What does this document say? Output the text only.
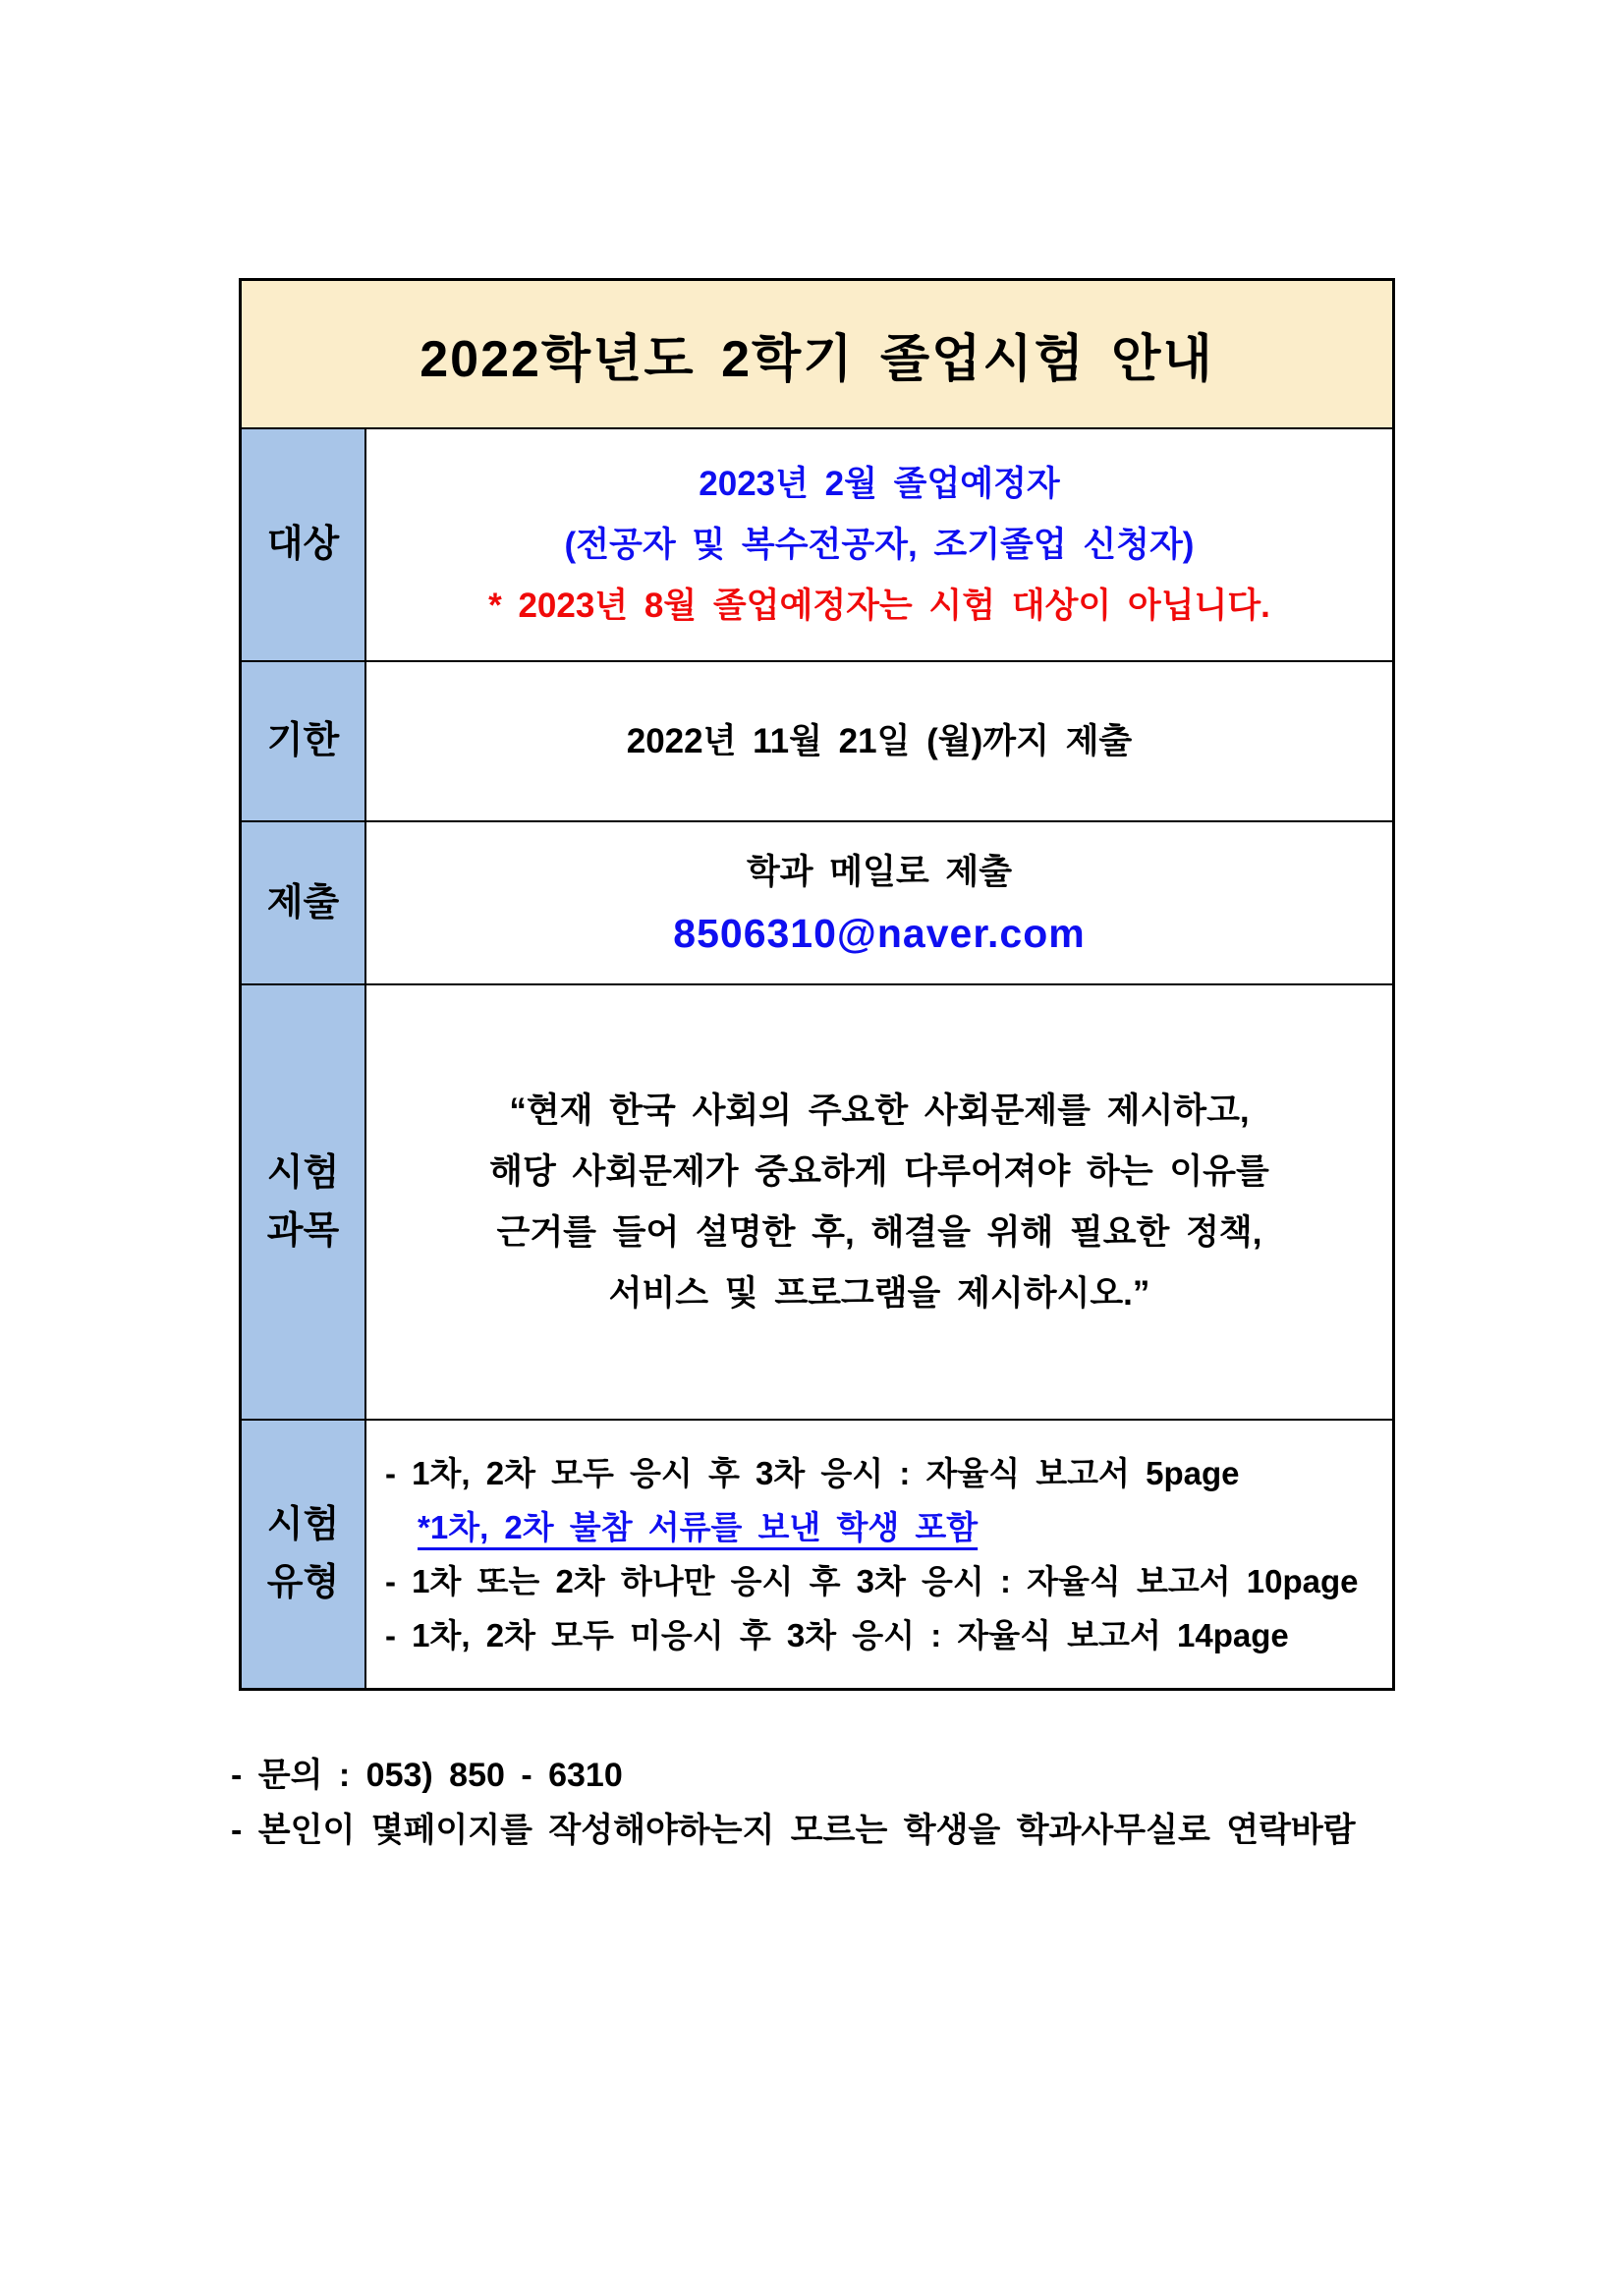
2022학년도 2학기 졸업시험 안내
대상
2023년 2월 졸업예정자
(전공자 및 복수전공자, 조기졸업 신청자)
* 2023년 8월 졸업예정자는 시험 대상이 아닙니다.
기한	2022년 11월 21일 (월)까지 제출
제출
학과 메일로 제출
8506310@naver.com
시험
과목
“현재 한국 사회의 주요한 사회문제를 제시하고,
해당 사회문제가 중요하게 다루어져야 하는 이유를
근거를 들어 설명한 후, 해결을 위해 필요한 정책,
서비스 및 프로그램을 제시하시오.”
시험
유형
- 1차, 2차 모두 응시 후 3차 응시 : 자율식 보고서 5page
*1차, 2차 불참 서류를 보낸 학생 포함
- 1차 또는 2차 하나만 응시 후 3차 응시 : 자율식 보고서 10page
- 1차, 2차 모두 미응시 후 3차 응시 : 자율식 보고서 14page
- 문의 : 053) 850 - 6310
- 본인이 몇페이지를 작성해야하는지 모르는 학생을 학과사무실로 연락바람
